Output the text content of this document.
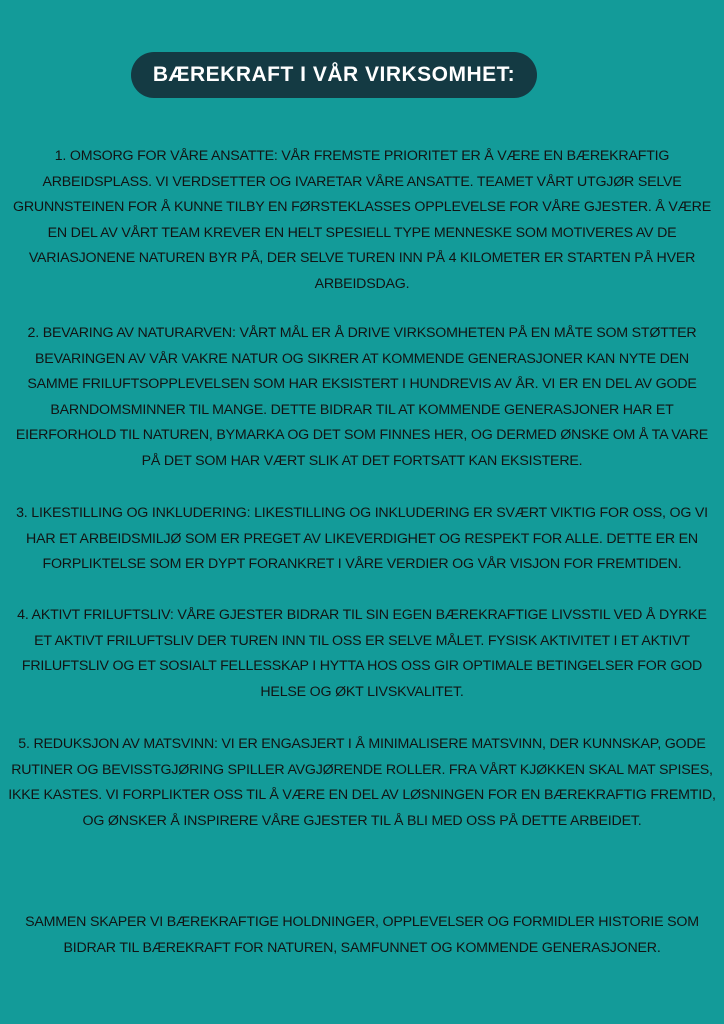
BÆREKRAFT I VÅR VIRKSOMHET:

1. OMSORG FOR VÅRE ANSATTE: VÅR FREMSTE PRIORITET ER Å VÆRE EN BÆREKRAFTIG ARBEIDSPLASS. VI VERDSETTER OG IVARETAR VÅRE ANSATTE. TEAMET VÅRT UTGJØR SELVE GRUNNSTEINEN FOR Å KUNNE TILBY EN FØRSTEKLASSES OPPLEVELSE FOR VÅRE GJESTER. Å VÆRE EN DEL AV VÅRT TEAM KREVER EN HELT SPESIELL TYPE MENNESKE SOM MOTIVERES AV DE VARIASJONENE NATUREN BYR PÅ, DER SELVE TUREN INN PÅ 4 KILOMETER ER STARTEN PÅ HVER ARBEIDSDAG.

2. BEVARING AV NATURARVEN: VÅRT MÅL ER Å DRIVE VIRKSOMHETEN PÅ EN MÅTE SOM STØTTER BEVARINGEN AV VÅR VAKRE NATUR OG SIKRER AT KOMMENDE GENERASJONER KAN NYTE DEN SAMME FRILUFTSOPPLEVELSEN SOM HAR EKSISTERT I HUNDREVIS AV ÅR. VI ER EN DEL AV GODE BARNDOMSMINNER TIL MANGE. DETTE BIDRAR TIL AT KOMMENDE GENERASJONER HAR ET EIERFORHOLD TIL NATUREN, BYMARKA OG DET SOM FINNES HER, OG DERMED ØNSKE OM Å TA VARE PÅ DET SOM HAR VÆRT SLIK AT DET FORTSATT KAN EKSISTERE.

3. LIKESTILLING OG INKLUDERING: LIKESTILLING OG INKLUDERING ER SVÆRT VIKTIG FOR OSS, OG VI HAR ET ARBEIDSMILJØ SOM ER PREGET AV LIKEVERDIGHET OG RESPEKT FOR ALLE. DETTE ER EN FORPLIKTELSE SOM ER DYPT FORANKRET I VÅRE VERDIER OG VÅR VISJON FOR FREMTIDEN.

4. AKTIVT FRILUFTSLIV: VÅRE GJESTER BIDRAR TIL SIN EGEN BÆREKRAFTIGE LIVSSTIL VED Å DYRKE ET AKTIVT FRILUFTSLIV DER TUREN INN TIL OSS ER SELVE MÅLET. FYSISK AKTIVITET I ET AKTIVT FRILUFTSLIV OG ET SOSIALT FELLESSKAP I HYTTA HOS OSS GIR OPTIMALE BETINGELSER FOR GOD HELSE OG ØKT LIVSKVALITET.

5. REDUKSJON AV MATSVINN: VI ER ENGASJERT I Å MINIMALISERE MATSVINN, DER KUNNSKAP, GODE RUTINER OG BEVISSTGJØRING SPILLER AVGJØRENDE ROLLER. FRA VÅRT KJØKKEN SKAL MAT SPISES, IKKE KASTES. VI FORPLIKTER OSS TIL Å VÆRE EN DEL AV LØSNINGEN FOR EN BÆREKRAFTIG FREMTID, OG ØNSKER Å INSPIRERE VÅRE GJESTER TIL Å BLI MED OSS PÅ DETTE ARBEIDET.

SAMMEN SKAPER VI BÆREKRAFTIGE HOLDNINGER, OPPLEVELSER OG FORMIDLER HISTORIE SOM BIDRAR TIL BÆREKRAFT FOR NATUREN, SAMFUNNET OG KOMMENDE GENERASJONER.
